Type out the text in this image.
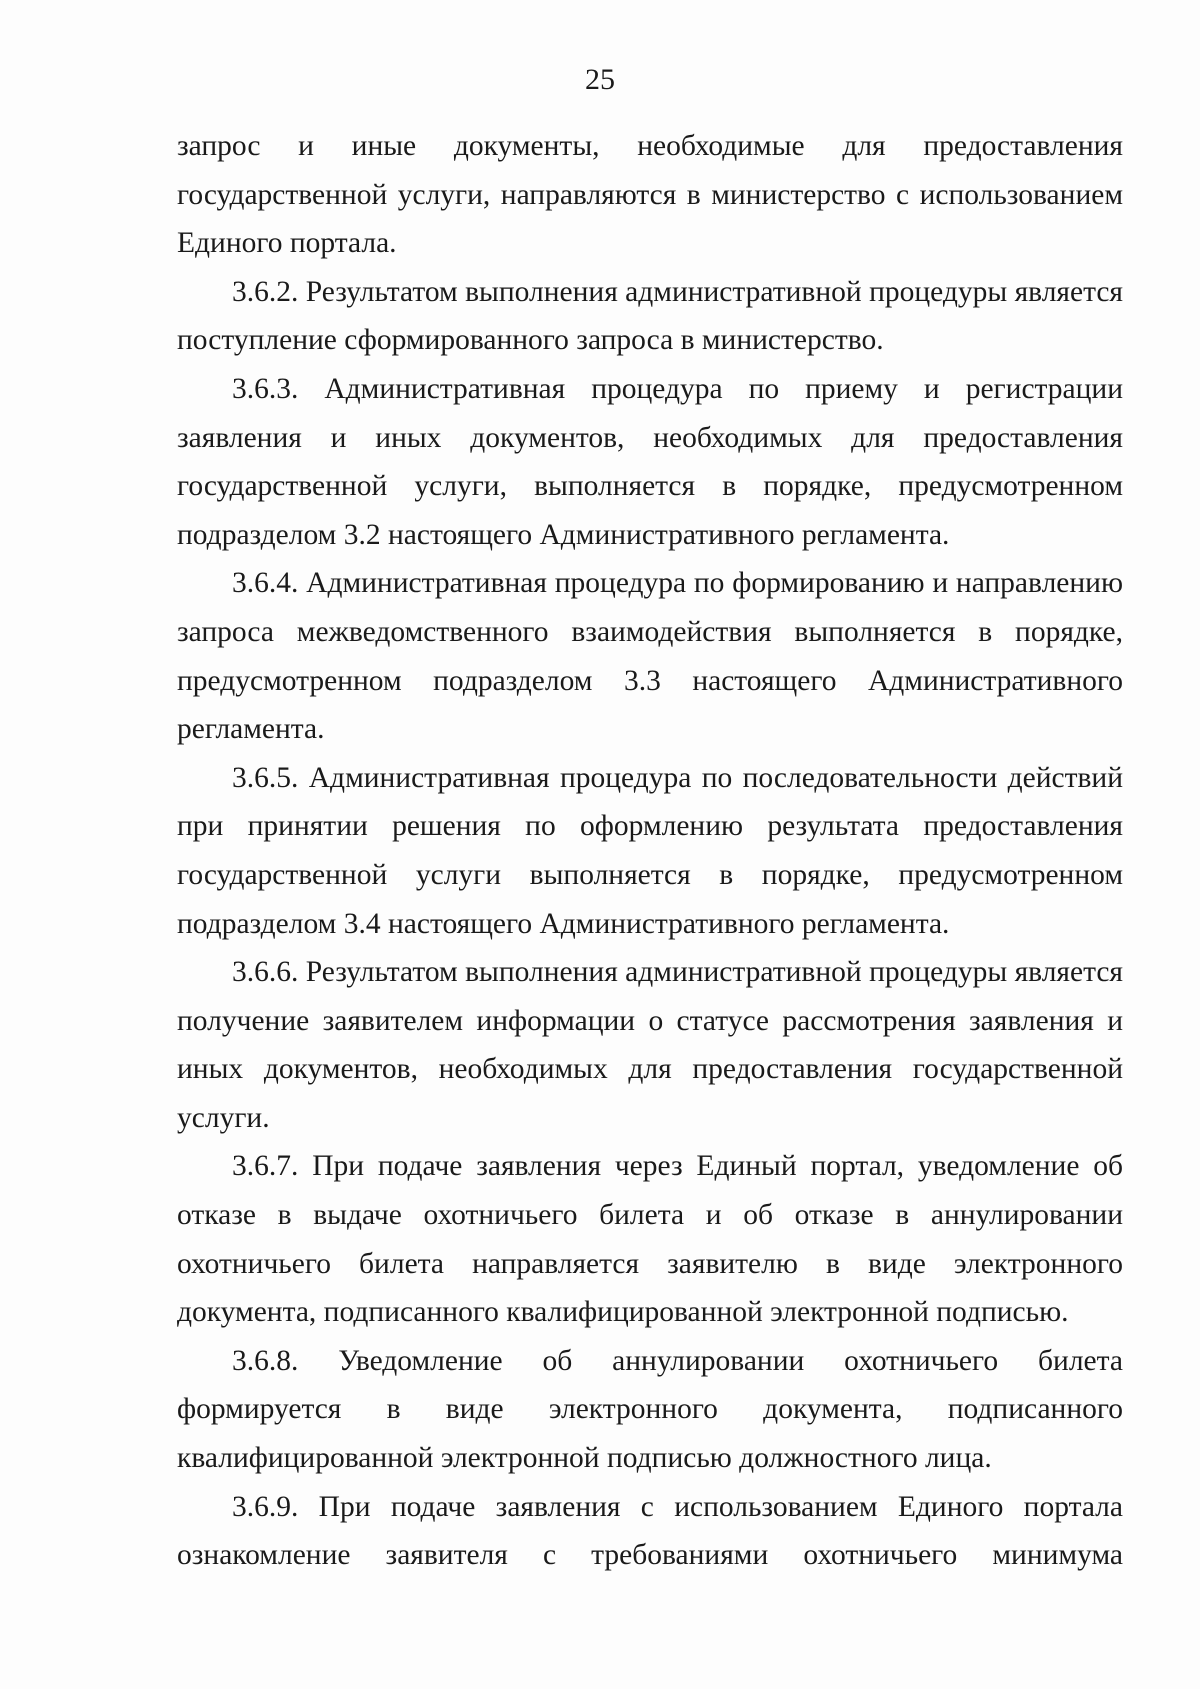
25

запрос и иные документы, необходимые для предоставления государственной услуги, направляются в министерство с использованием Единого портала.

3.6.2. Результатом выполнения административной процедуры является поступление сформированного запроса в министерство.

3.6.3. Административная процедура по приему и регистрации заявления и иных документов, необходимых для предоставления государственной услуги, выполняется в порядке, предусмотренном подразделом 3.2 настоящего Административного регламента.

3.6.4. Административная процедура по формированию и направлению запроса межведомственного взаимодействия выполняется в порядке, предусмотренном подразделом 3.3 настоящего Административного регламента.

3.6.5. Административная процедура по последовательности действий при принятии решения по оформлению результата предоставления государственной услуги выполняется в порядке, предусмотренном подразделом 3.4 настоящего Административного регламента.

3.6.6. Результатом выполнения административной процедуры является получение заявителем информации о статусе рассмотрения заявления и иных документов, необходимых для предоставления государственной услуги.

3.6.7. При подаче заявления через Единый портал, уведомление об отказе в выдаче охотничьего билета и об отказе в аннулировании охотничьего билета направляется заявителю в виде электронного документа, подписанного квалифицированной электронной подписью.

3.6.8. Уведомление об аннулировании охотничьего билета формируется в виде электронного документа, подписанного квалифицированной электронной подписью должностного лица.

3.6.9. При подаче заявления с использованием Единого портала ознакомление заявителя с требованиями охотничьего минимума
